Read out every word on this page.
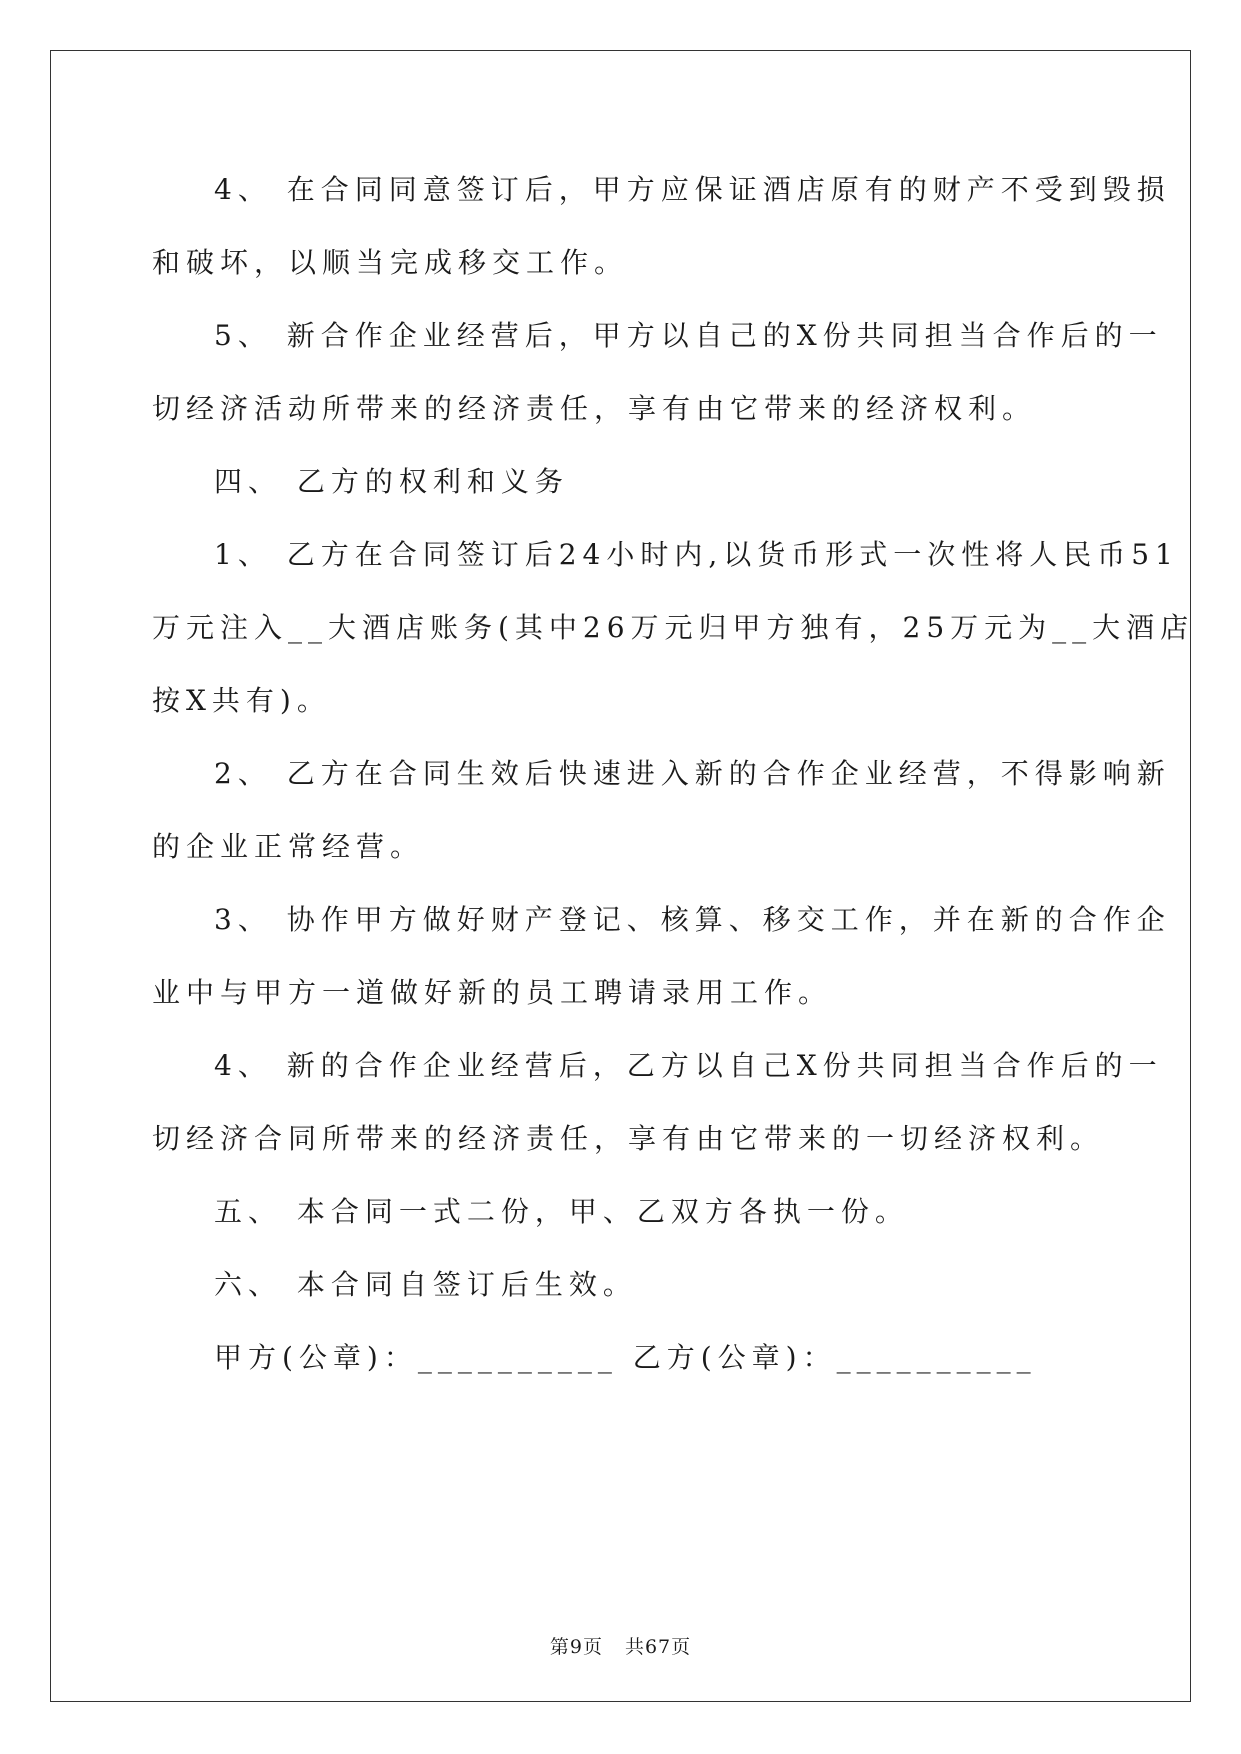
4、 在合同同意签订后，甲方应保证酒店原有的财产不受到毁损
和破坏，以顺当完成移交工作。
5、 新合作企业经营后，甲方以自己的X份共同担当合作后的一
切经济活动所带来的经济责任，享有由它带来的经济权利。
四、 乙方的权利和义务
1、 乙方在合同签订后24小时内,以货币形式一次性将人民币51
万元注入__大酒店账务(其中26万元归甲方独有，25万元为__大酒店
按X共有)。
2、 乙方在合同生效后快速进入新的合作企业经营，不得影响新
的企业正常经营。
3、 协作甲方做好财产登记、核算、移交工作，并在新的合作企
业中与甲方一道做好新的员工聘请录用工作。
4、 新的合作企业经营后，乙方以自己X份共同担当合作后的一
切经济合同所带来的经济责任，享有由它带来的一切经济权利。
五、 本合同一式二份，甲、乙双方各执一份。
六、 本合同自签订后生效。
甲方(公章)：__________ 乙方(公章)：__________
第9页 共67页
